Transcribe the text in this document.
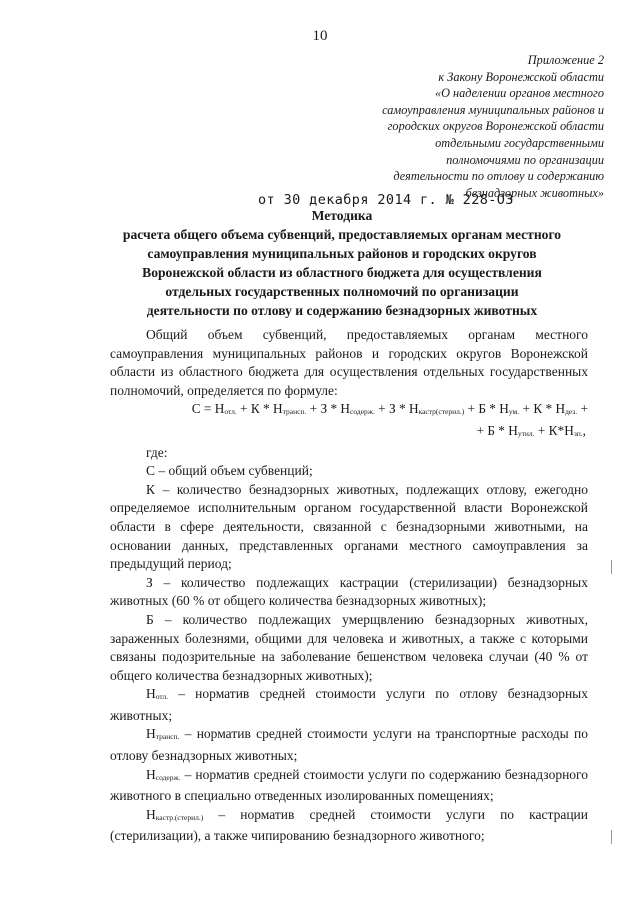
10
Приложение 2
к Закону Воронежской области
«О наделении органов местного
самоуправления муниципальных районов и
городских округов Воронежской области
отдельными государственными
полномочиями по организации
деятельности по отлову и содержанию
безнадзорных животных»
от 30 декабря 2014 г. № 228-ОЗ
Методика
расчета общего объема субвенций, предоставляемых органам местного
самоуправления муниципальных районов и городских округов
Воронежской области из областного бюджета для осуществления
отдельных государственных полномочий по организации
деятельности по отлову и содержанию безнадзорных животных

Общий объем субвенций, предоставляемых органам местного самоуправления муниципальных районов и городских округов Воронежской области из областного бюджета для осуществления отдельных государственных полномочий, определяется по формуле:

$С = Н_{отл.} + К * Н_{трансп.} + З * Н_{содерж.} + З * Н_{кастр(стерил.)} + Б * Н_{ум.} + К * Н_{дез.}$ +
+ $Б * Н_{утил.} + К*Н_{зп.}$,

где:

С – общий объем субвенций;

К – количество безнадзорных животных, подлежащих отлову, ежегодно определяемое исполнительным органом государственной власти Воронежской области в сфере деятельности, связанной с безнадзорными животными, на основании данных, представленных органами местного самоуправления за предыдущий период;

З – количество подлежащих кастрации (стерилизации) безнадзорных животных (60 % от общего количества безнадзорных животных);

Б – количество подлежащих умерщвлению безнадзорных животных, зараженных болезнями, общими для человека и животных, а также с которыми связаны подозрительные на заболевание бешенством человека случаи (40 % от общего количества безнадзорных животных);

Нотл. – норматив средней стоимости услуги по отлову безнадзорных животных;

Нтрансп. – норматив средней стоимости услуги на транспортные расходы по отлову безнадзорных животных;

Нсодерж. – норматив средней стоимости услуги по содержанию безнадзорного животного в специально отведенных изолированных помещениях;

Нкастр.(стерил.) – норматив средней стоимости услуги по кастрации (стерилизации), а также чипированию безнадзорного животного;
